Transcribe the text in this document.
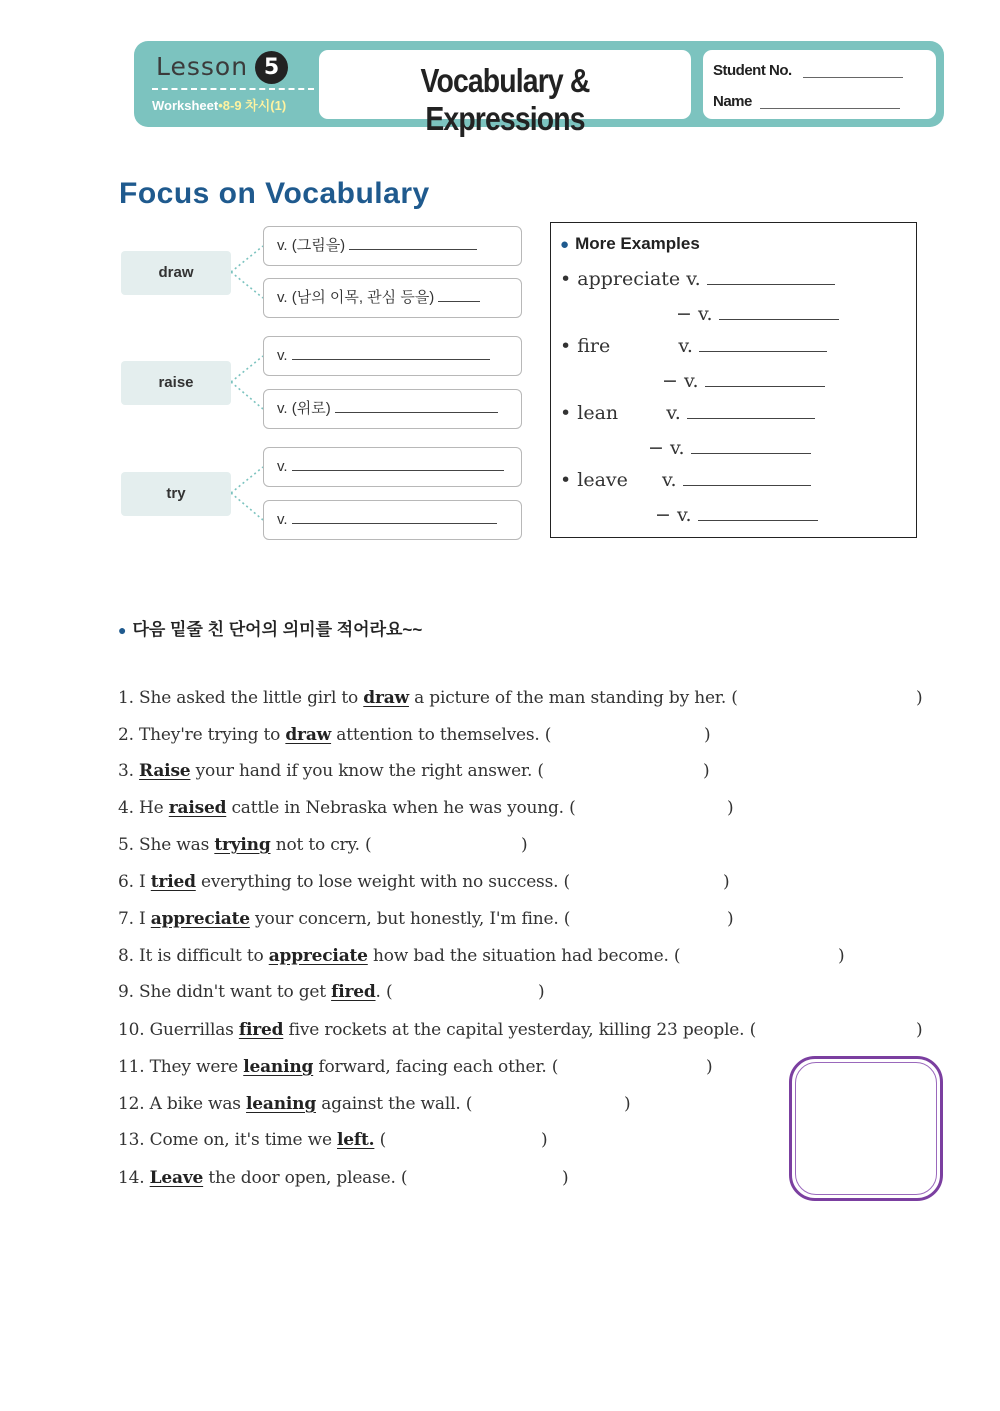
Lesson 5
Worksheet•8-9 차시(1)
Vocabulary & Expressions
Student No.
Name
Focus on Vocabulary
draw
v. (그림을)
v. (남의 이목, 관심 등을)
raise
v.
v. (위로)
try
v.
v.
● More Examples
• appreciate v.
− v.
• fire	v.
− v.
• lean	v.
− v.
• leave v.
− v.
● 다음 밑줄 친 단어의 의미를 적어라요~~
1. She asked the little girl to draw a picture of the man standing by her. (	)
2. They're trying to draw attention to themselves. (	)
3. Raise your hand if you know the right answer. (	)
4. He raised cattle in Nebraska when he was young. (	)
5. She was trying not to cry. (	)
6. I tried everything to lose weight with no success. (	)
7. I appreciate your concern, but honestly, I'm fine. (	)
8. It is difficult to appreciate how bad the situation had become. (	)
9. She didn't want to get fired. (	)
10. Guerrillas fired five rockets at the capital yesterday, killing 23 people. (	)
11. They were leaning forward, facing each other. (	)
12. A bike was leaning against the wall. (	)
13. Come on, it's time we left. (	)
14. Leave the door open, please. (	)
